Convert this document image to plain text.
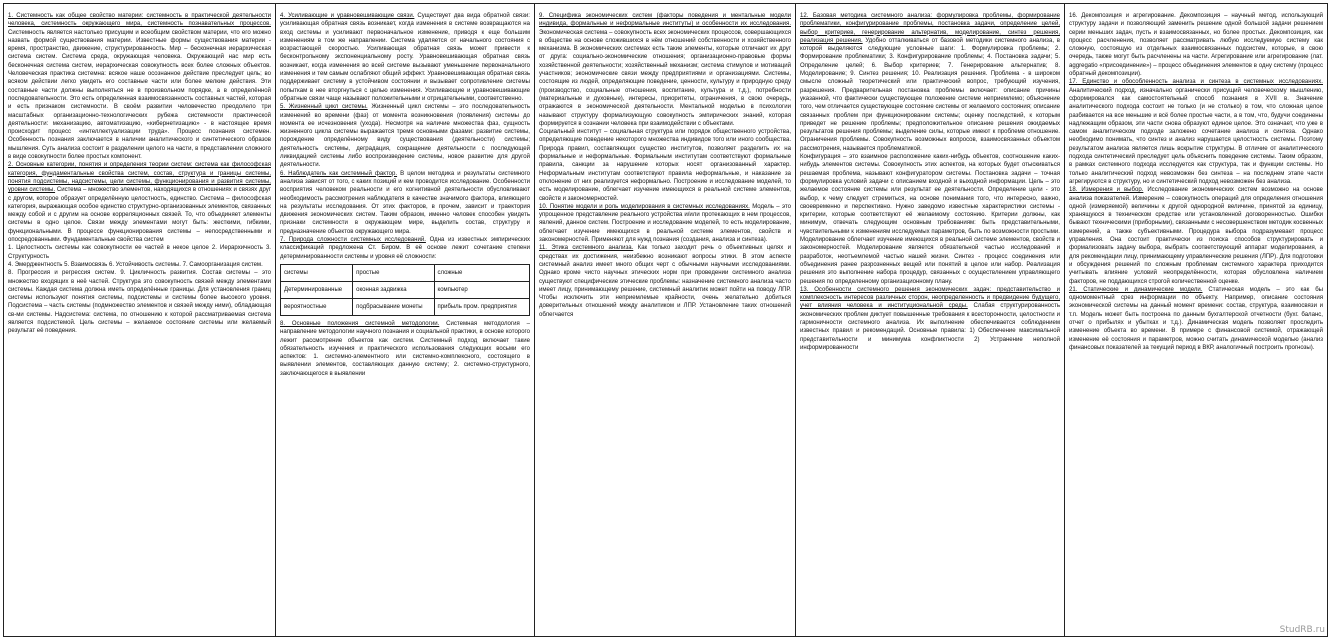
1. Системность как общее свойство материи: системность в практической деятельности человека, системность окружающего мира, системность познавательных процессов. Системность является настолько присущим и всеобщим свойством материи, что его можно назвать формой существования материи. Известные формы существования материи - время, пространство, движение, структурированность. Мир – бесконечная иерархическая система систем. Система среда, окружающая человека. Окружающий нас мир есть бесконечная система систем, иерархическая совокупность всех более сложных объектов. Человеческая практика системна: всякое наше осознанное действие преследует цель; во всяком действии легко увидеть его составные части или более мелкие действия. Эти составные части должны выполняться не в произвольном порядке, а в определённой последовательности. Это есть определенная взаимосвязанность составных частей, которая и есть признаком системности. В своём развитии человечество преодолело три масштабных организационно-технологических рубежа системности практической деятельности: механизацию, автоматизацию, «кибернетизацию» - в настоящее время происходит процесс «интеллектуализации труда». Процесс познания системен. Особенность познания заключается в наличии аналитического и синтетического образов мышления. Суть анализа состоит в разделении целого на части, в представлении сложного в виде совокупности более простых компонент.

2. Основные категории, понятия и определения теории систем: система как философская категория, фундаментальные свойства систем, состав, структура и границы системы, понятия подсистемы, надсистемы, цели системы, функционирования и развития системы, уровни системы. Система – множество элементов, находящихся в отношениях и связях друг с другом, которое образует определённую целостность, единство. Система – философская категория, выражающая особое единство структурно-организованных элементов, связанных между собой и с другим на основе корреляционных связей. То, что объединяет элементы системы в одно целое. Связи между элементами могут быть: жесткими, гибкими, функциональными. В процессе функционирования системы – непосредственными и опосредованными. Фундаментальные свойства систем

1. Целостность системы как совокупности ее частей в некое целое 2. Иерархичность 3. Структурность

4. Эмерджентность 5. Взаимосвязь 6. Устойчивость системы. 7. Самоорганизация систем.

8. Прогрессия и регрессия систем. 9. Цикличность развития. Состав системы – это множество входящих в неё частей. Структура это совокупность связей между элементами системы. Каждая система должна иметь определённые границы. Для установления границ системы используют понятия системы, подсистемы и системы более высокого уровня. Подсистема – часть системы (подмножество элементов и связей между ними), обладающая св-ми системы. Надсистема: система, по отношению к которой рассматриваемая система является подсистемой. Цель системы – желаемое состояние системы или желаемый результат её поведения.

4. Усиливающие и уравновешивающие связи. Существует два вида обратной связи: усиливающая обратная связь возникает, когда изменения в системе возвращаются на вход системы и усиливают первоначальное изменение, приводя к еще большим изменениям в том же направлении. Система удаляется от начального состояния с возрастающей скоростью. Усиливающая обратная связь может привести к бесконтрольному экспоненциальному росту. Уравновешивающая обратная связь возникает, когда изменения во всей системе вызывают уменьшение первоначального изменения и тем самым ослабляют общий эффект. Уравновешивающая обратная связь поддерживает систему в устойчивом состоянии и вызывает сопротивление системы попыткам в нее вторгнуться с целью изменения. Усиливающие и уравновешивающие обратные связи чаще называют положительными и отрицательными, соответственно.

5. Жизненный цикл системы. Жизненный цикл системы – это последовательность изменений во времени (фаз) от момента возникновения (появления) системы до момента ее исчезновения (ухода). Несмотря на наличие множества фаз, сущность жизненного цикла системы выражается тремя основными фазами: развитие системы, порождение определённому виду существования (деятельности) системы; деятельность системы, деградация, сокращение деятельности с последующей ликвидацией системы либо воспроизведение системы, новое развитие для другой деятельности.

6. Наблюдатель как системный фактор. В целом методика и результаты системного анализа зависят от того, с каких позиций и кем проводится исследование. Особенности восприятия человеком реальности и его когнитивной деятельности обусловливают необходимость рассмотрения наблюдателя в качестве значимого фактора, влияющего на результаты исследования. От этих факторов, в прочем, зависит и траектория движения экономических систем. Таким образом, именно человек способен увидеть признаки системности в окружающем мире, выделить состав, структуру и предназначение объектов окружающего мира.

7. Природа сложности системных исследований. Одна из известных эмпирических классификаций предложена Ст. Биром. В её основе лежит сочетание степени детерминированности системы и уровня её сложности:

системы	простые	сложные
Детерминированные	оконная задвижка	компьютер
вероятностные	подбрасывание монеты	прибыль пром. предприятия

8. Основные положения системной методологии. Системная методология – направление методологии научного познания и социальной практики, в основе которого лежит рассмотрение объектов как систем. Системный подход включает такие обязательность изучения и практического использования следующих восьми его аспектов: 1. системно-элементного или системно-комплексного, состоящего в выявлении элементов, составляющих данную систему; 2. системно-структурного, заключающегося в выявлении

9. Специфика экономических систем (факторы поведения и ментальные модели индивида, формальные и неформальные институты) и особенности их исследования. Экономическая система – совокупность всех экономических процессов, совершающихся в обществе на основе сложившихся в нём отношений собственности и хозяйственного механизма. В экономических системах есть такие элементы, которые отличают их друг от друга: социально-экономические отношения; организационно-правовые формы хозяйственной деятельности; хозяйственный механизм; система стимулов и мотиваций участников; экономические связи между предприятиями и организациями. Системы, состоящие из людей, определяющие поведение, ценности, культуру и природную среду (производство, социальные отношения, воспитание, культура и т.д.), потребности (материальные и духовные), интересы, приоритеты, ограничения, в свою очередь, отражаются в экономической деятельности. Ментальной моделью в психологии называют структуру формализующую совокупность эмпирических знаний, которая формируется в сознании человека при взаимодействии с объектами.

Социальный институт – социальная структура или порядок общественного устройства, определяющие поведение некоторого множества индивидов того или иного сообщества. Природа правил, составляющих существо институтов, позволяет разделить их на формальные и неформальные. Формальным институтам соответствуют формальные правила, санкции за нарушение которых носят организованный характер. Неформальным институтам соответствуют правила неформальные, и наказание за отклонение от них реализуется неформально. Построение и исследование моделей, то есть моделирование, облегчает изучение имеющихся в реальной системе элементов, свойств и закономерностей.

10. Понятие модели и роль моделирования в системных исследованиях. Модель – это упрощенное представление реального устройства и/или протекающих в нем процессов, явлений, данное систем. Построение и исследование моделей, то есть моделирование, облегчает изучение имеющихся в реальной системе элементов, свойств и закономерностей. Применяют для нужд познания (создания, анализа и синтеза).

11. Этика системного анализа. Как только заходит речь о объективных целях и средствах их достижения, неизбежно возникают вопросы этики. В этом аспекте системный анализ имеет много общих черт с обычными научными исследованиями. Однако кроме чисто научных этических норм при проведении системного анализа существуют специфические этические проблемы: назначение системного анализа часто имеет лицу, принимающему решение, системный аналитик может пойти на поводу ЛПР. Чтобы исключить эти неприемлемые крайности, очень желательно добиться доверительных отношений между аналитиком и ЛПР. Установление таких отношений облегчается

12. Базовая методика системного анализа: формулировка проблемы, формирование проблематики, конфигурирование проблемы, постановка задачи, определение целей, выбор критериев, генерирование альтернатив, моделирование, синтез решения, реализация решения. Удобно отталкиваться от базовой методики системного анализа, в которой выделяются следующие условные шаги: 1. Формулировка проблемы; 2. Формирование проблематики; 3. Конфигурирование проблемы; 4. Постановка задачи; 5. Определение целей; 6. Выбор критериев; 7. Генерирование альтернатив; 8. Моделирование; 9. Синтез решения; 10. Реализация решения. Проблема - в широком смысле сложный теоретический или практический вопрос, требующий изучения, разрешения. Предварительная постановка проблемы включает: описание причины указанной, что фактически существующее положение системе неприемлемо; объяснение того, чем отличается существующее состояние системы от желаемого состояния; описание связанных проблем при функционировании системы; оценку последствий, к которым приведет не решение проблемы; предположительное описание решения ожидаемых результатов решения проблемы; выделение силы, которые имеют к проблеме отношение. Ограничения проблемы. Совокупность возможных вопросов, взаимосвязанных объектом рассмотрения, называется проблематикой.

Конфигурация – это взаимное расположение каких-нибудь объектов, соотношение каких-нибудь элементов системы. Совокупность этих аспектов, на которых будет отыскиваться решаемая проблема, называют конфигуратором системы. Постановка задачи – точная формулировка условий задачи с описанием входной и выходной информации. Цель – это желаемое состояние системы или результат ее деятельности. Определение цели - это выбор, к чему следует стремиться, на основе понимания того, что интересно, важно, своевременно и перспективно. Нужно заведомо известные характеристики системы - критерии, которые соответствуют её желаемому состоянию. Критерии должны, как минимум, отвечать следующим основным требованиям: быть представительными, чувствительными к изменениям исследуемых параметров, быть по возможности простыми. Моделирование облегчает изучение имеющихся в реальной системе элементов, свойств и закономерностей. Моделирование является обязательной частью исследований и разработок, неотъемлемой частью нашей жизни. Синтез - процесс соединения или объединения ранее разрозненных вещей или понятий в целое или набор. Реализация решения это выполнение набора процедур, связанных с осуществлением управляющего решения по определенному организационному плану.

13. Особенности системного решения экономических задач: представительство и комплексность интересов различных сторон, неопределенность и предвидение будущего, учет влияния человека и институциональной среды. Слабая структурированность экономических проблем диктует повышенные требования к всесторонности, целостности и гармоничности системного анализа. Их выполнение обеспечивается соблюдением известных правил и рекомендаций. Основные правила: 1) Обеспечение максимальной представительности и минимума конфликтности 2) Устранение неполной информированности

16. Декомпозиция и агрегирование. Декомпозиция – научный метод, использующий структуру задачи и позволяющий заменить решение одной большой задачи решением серии меньших задач, пусть и взаимосвязанных, но более простых. Декомпозиция, как процесс расчленения, позволяет рассматривать любую исследуемую систему как сложную, состоящую из отдельных взаимосвязанных подсистем, которые, в свою очередь, также могут быть расчленены на части. Агрегирование или агрегирование (лат. aggregatio «присоединение») – процесс объединения элементов в одну систему (процесс обратный декомпозиции).

17. Единство и обособленность анализа и синтеза в системных исследованиях. Аналитический подход, изначально органически присущий человеческому мышлению, сформировался как самостоятельный способ познания в XVII в. Значение аналитического подхода состоит не только (и не столько) в том, что сложная целое разбивается на все меньшие и всё более простые части, а в том, что, будучи соединены надлежащим образом, эти части снова образуют единое целое. Это означает, что уже в самом аналитическом подходе заложено сочетание анализа и синтеза. Однако необходимо понимать, что синтез и анализ нарушается целостность системы. Поэтому результатом анализа является лишь вскрытие структуры. В отличие от аналитического подхода синтетический преследует цель объяснить поведение системы. Таким образом, в рамках системного подхода исследуется как структура, так и функции системы. Но только аналитический подход невозможен без синтеза – на последнем этапе части агрегируются в структуру, но и синтетический подход невозможен без анализа.

18. Измерения и выбор. Исследование экономических систем возможно на основе анализа показателей. Измерение – совокупность операций для определения отношения одной (измеряемой) величины к другой однородной величине, принятой за единицу, хранящуюся в техническом средстве или установленной договоренностью. Ошибки бывают техническими (приборными), связанными с несовершенством методик косвенных измерений, а также субъективными. Процедура выбора подразумевает процесс управления. Она состоит практически из поиска способов структурировать и формализовать задачу выбора, выбрать соответствующий аппарат моделирования, а для рекомендации лицу, принимающему управленческие решения (ЛПР). Для подготовки и обсуждения решений по сложным проблемам системного характера приходится учитывать влияние условий неопределённости, которая обусловлена наличием факторов, не поддающихся строгой количественной оценке.

21. Статические и динамические модели. Статическая модель – это как бы одномоментный срез информации по объекту. Например, описание состояния экономической системы на данный момент времени: состав, структура, взаимосвязи и т.п. Модель может быть построена по данным бухгалтерской отчетности (бухг. баланс, отчет о прибылях и убытках и т.д.). Динамическая модель позволяет проследить изменение объекта во времени. В примере с финансовой системой, отражающей изменение её состояния и параметров, можно считать динамической моделью (анализ финансовых показателей за текущий период в ВКР, аналогичный построить прогнозы).

StudRB.ru
